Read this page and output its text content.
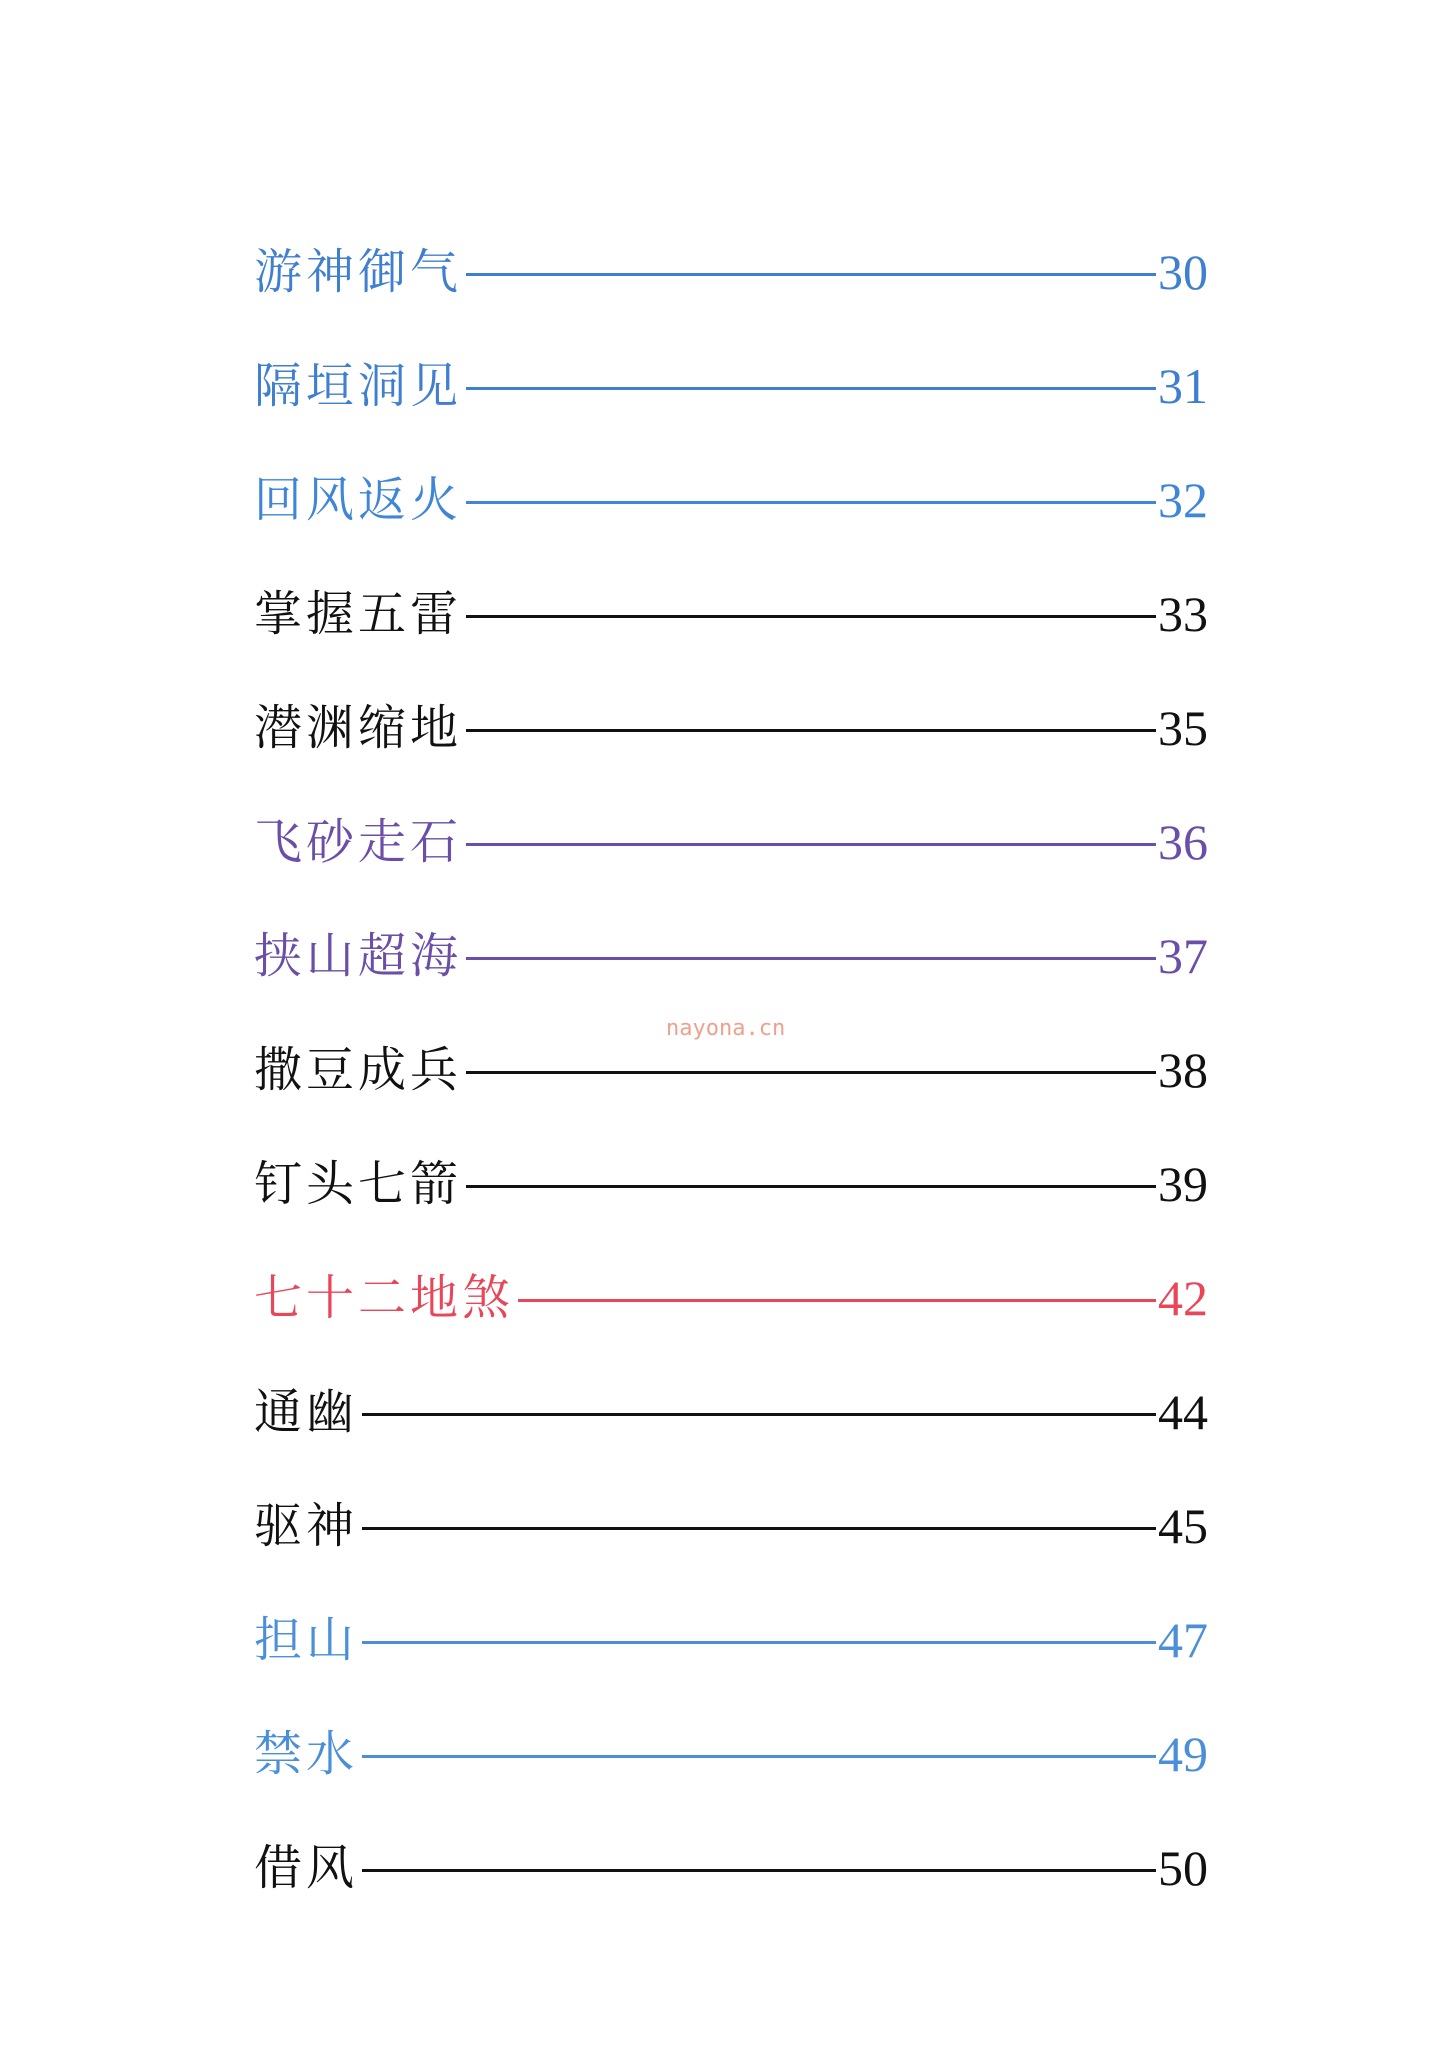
游神御气	30
隔垣洞见	31
回风返火	32
掌握五雷	33
潜渊缩地	35
飞砂走石	36
挟山超海	37
撒豆成兵	38
钉头七箭	39
七十二地煞	42
通幽	44
驱神	45
担山	47
禁水	49
借风	50
nayona.cn
